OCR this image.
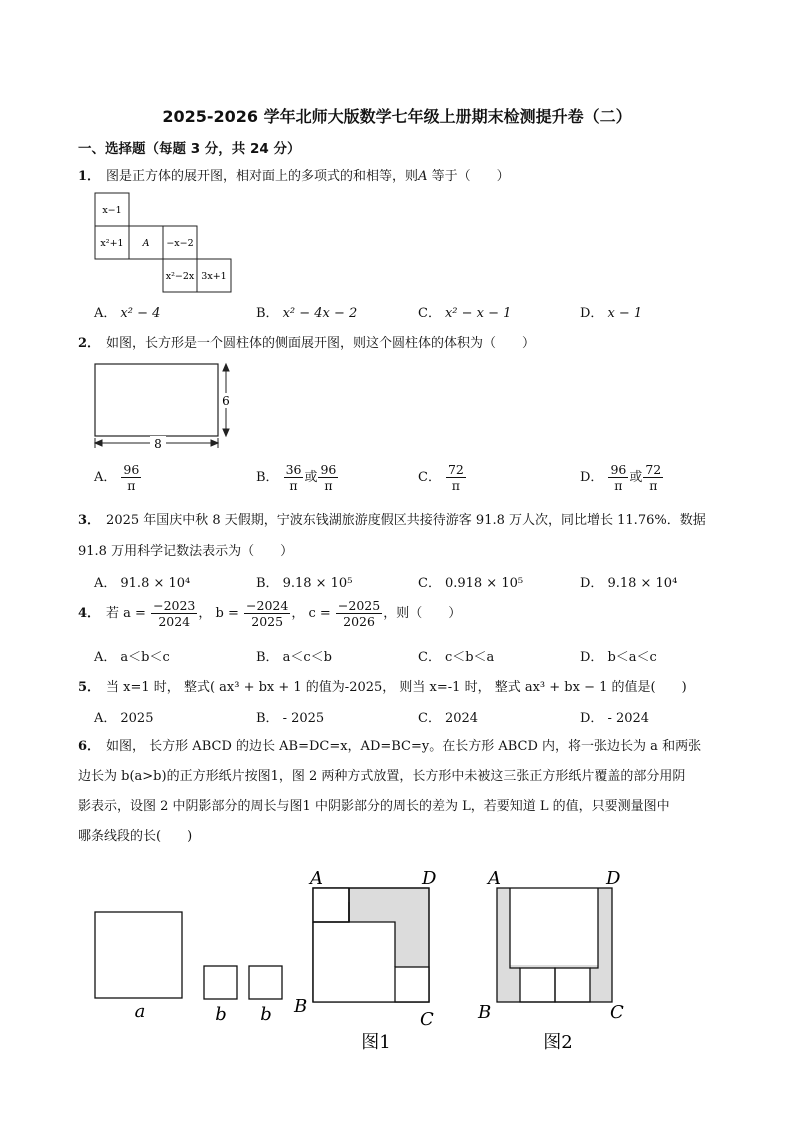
2025-2026 学年北师大版数学七年级上册期末检测提升卷（二）
一、选择题（每题 3 分，共 24 分）
1． 图是正方体的展开图，相对面上的多项式的和相等，则A 等于（　　）
x−1
x²+1 A −x−2
x²−2x 3x+1
A． x² − 4	B． x² − 4x − 2	C． x² − x − 1	D． x − 1
2． 如图，长方形是一个圆柱体的侧面展开图，则这个圆柱体的体积为（　　）
6
8
A． $\frac{96}{\pi}$	B． $\frac{36}{\pi}$ 或 $\frac{96}{\pi}$	C． $\frac{72}{\pi}$	D． $\frac{96}{\pi}$ 或 $\frac{72}{\pi}$
3． 2025 年国庆中秋 8 天假期，宁波东钱湖旅游度假区共接待游客 91.8 万人次，同比增长 11.76%．数据
91.8 万用科学记数法表示为（　　）
A． 91.8 × 10⁴	B． 9.18 × 10⁵	C． 0.918 × 10⁵	D． 9.18 × 10⁴
4． 若 $a = \frac{-2023}{2024}$ ， $b = \frac{-2024}{2025}$ ， $c = \frac{-2025}{2026}$ ，则（　　）
A． a＜b＜c	B． a＜c＜b	C． c＜b＜a	D． b＜a＜c
5． 当 x=1 时， 整式( ax³ + bx + 1 的值为-2025， 则当 x=-1 时， 整式 ax³ + bx − 1 的值是(　　)
A． 2025	B． - 2025	C． 2024	D． - 2024
6． 如图， 长方形 ABCD 的边长 AB=DC=x，AD=BC=y。在长方形 ABCD 内，将一张边长为 a 和两张
边长为 b(a>b)的正方形纸片按图1，图 2 两种方式放置，长方形中未被这三张正方形纸片覆盖的部分用阴
影表示，设图 2 中阴影部分的周长与图1 中阴影部分的周长的差为 L，若要知道 L 的值，只要测量图中
哪条线段的长(　　)
a	b b
A	D
B
C
图1
A	D
B	C
图2
